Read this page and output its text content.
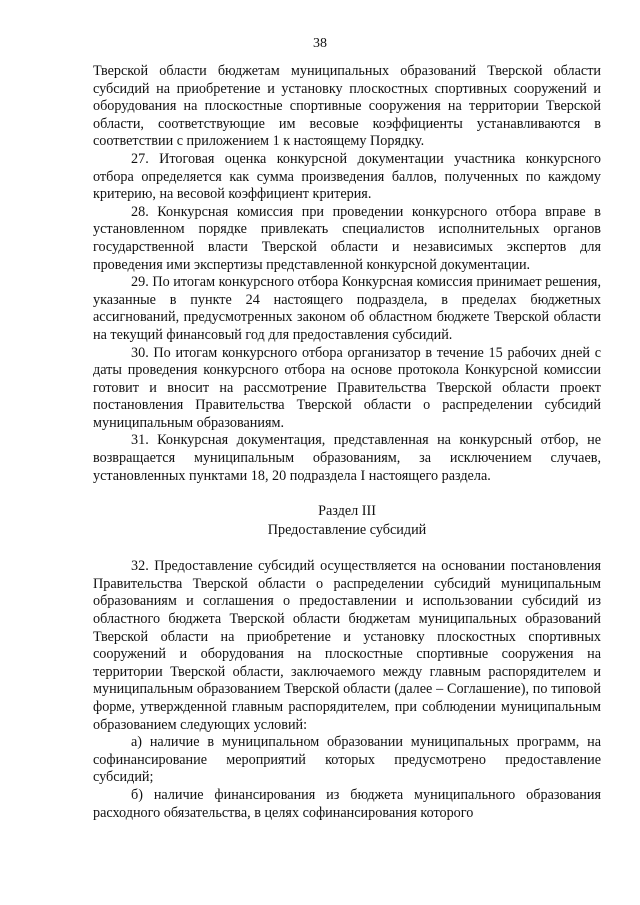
38

Тверской области бюджетам муниципальных образований Тверской области субсидий на приобретение и установку плоскостных спортивных сооружений и оборудования на плоскостные спортивные сооружения на территории Тверской области, соответствующие им весовые коэффициенты устанавливаются в соответствии с приложением 1 к настоящему Порядку.

27. Итоговая оценка конкурсной документации участника конкурсного отбора определяется как сумма произведения баллов, полученных по каждому критерию, на весовой коэффициент критерия.

28. Конкурсная комиссия при проведении конкурсного отбора вправе в установленном порядке привлекать специалистов исполнительных органов государственной власти Тверской области и независимых экспертов для проведения ими экспертизы представленной конкурсной документации.

29. По итогам конкурсного отбора Конкурсная комиссия принимает решения, указанные в пункте 24 настоящего подраздела, в пределах бюджетных ассигнований, предусмотренных законом об областном бюджете Тверской области на текущий финансовый год для предоставления субсидий.

30. По итогам конкурсного отбора организатор в течение 15 рабочих дней с даты проведения конкурсного отбора на основе протокола Конкурсной комиссии готовит и вносит на рассмотрение Правительства Тверской области проект постановления Правительства Тверской области о распределении субсидий муниципальным образованиям.

31. Конкурсная документация, представленная на конкурсный отбор, не возвращается муниципальным образованиям, за исключением случаев, установленных пунктами 18, 20 подраздела I настоящего раздела.

Раздел III
Предоставление субсидий

32. Предоставление субсидий осуществляется на основании постановления Правительства Тверской области о распределении субсидий муниципальным образованиям и соглашения о предоставлении и использовании субсидий из областного бюджета Тверской области бюджетам муниципальных образований Тверской области на приобретение и установку плоскостных спортивных сооружений и оборудования на плоскостные спортивные сооружения на территории Тверской области, заключаемого между главным распорядителем и муниципальным образованием Тверской области (далее – Соглашение), по типовой форме, утвержденной главным распорядителем, при соблюдении муниципальным образованием следующих условий:

а) наличие в муниципальном образовании муниципальных программ, на софинансирование мероприятий которых предусмотрено предоставление субсидий;

б) наличие финансирования из бюджета муниципального образования расходного обязательства, в целях софинансирования которого
